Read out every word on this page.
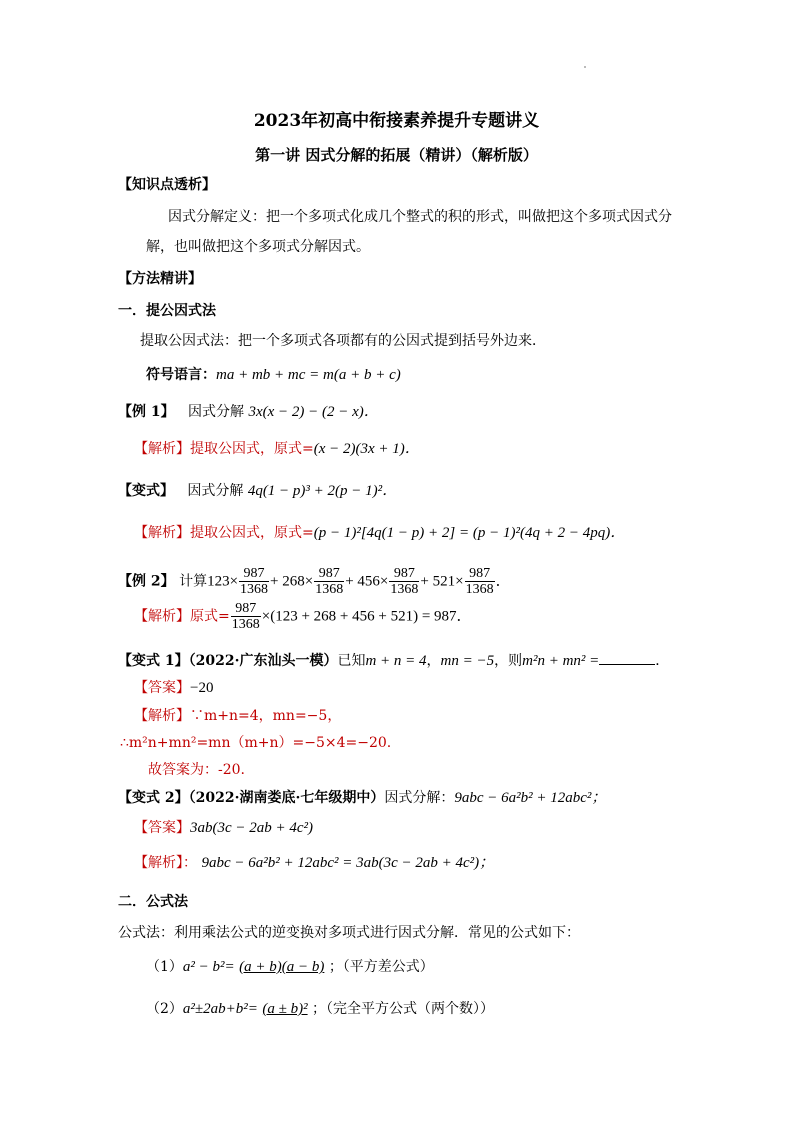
2023年初高中衔接素养提升专题讲义
第一讲 因式分解的拓展（精讲）（解析版）
【知识点透析】
因式分解定义：把一个多项式化成几个整式的积的形式，叫做把这个多项式因式分
解，也叫做把这个多项式分解因式。
【方法精讲】
一．提公因式法
提取公因式法：把一个多项式各项都有的公因式提到括号外边来．
符号语言：ma + mb + mc = m(a + b + c)
【例 1】 因式分解 3x(x − 2) − (2 − x)．
【解析】提取公因式，原式=(x − 2)(3x + 1)．
【变式】 因式分解 4q(1 − p)³ + 2(p − 1)²．
【解析】提取公因式，原式=(p − 1)²[4q(1 − p) + 2] = (p − 1)²(4q + 2 − 4pq)．
【例 2】 计算$123\times \frac{987}{1368} + 268\times \frac{987}{1368} + 456\times \frac{987}{1368} + 521\times \frac{987}{1368}$ ．
【解析】原式= $\frac{987}{1368} \times(123 + 268 + 456 + 521) = 987$．
【变式 1】（2022·广东汕头一模）已知m + n = 4，mn = −5，则m²n + mn² =	．
【答案】−20
【解析】∵m+n=4，mn=−5，
∴m²n+mn²=mn（m+n）=−5×4=−20.
故答案为：-20.
【变式 2】（2022·湖南娄底·七年级期中）因式分解：9abc − 6a²b² + 12abc²；
【答案】3ab(3c − 2ab + 4c²)
【解析】： 9abc − 6a²b² + 12abc² = 3ab(3c − 2ab + 4c²)；
二．公式法
公式法：利用乘法公式的逆变换对多项式进行因式分解．常见的公式如下：
（1）a² − b²= (a + b)(a − b) ；（平方差公式）
（2）a²±2ab+b²= (a ± b)² ；（完全平方公式（两个数））
